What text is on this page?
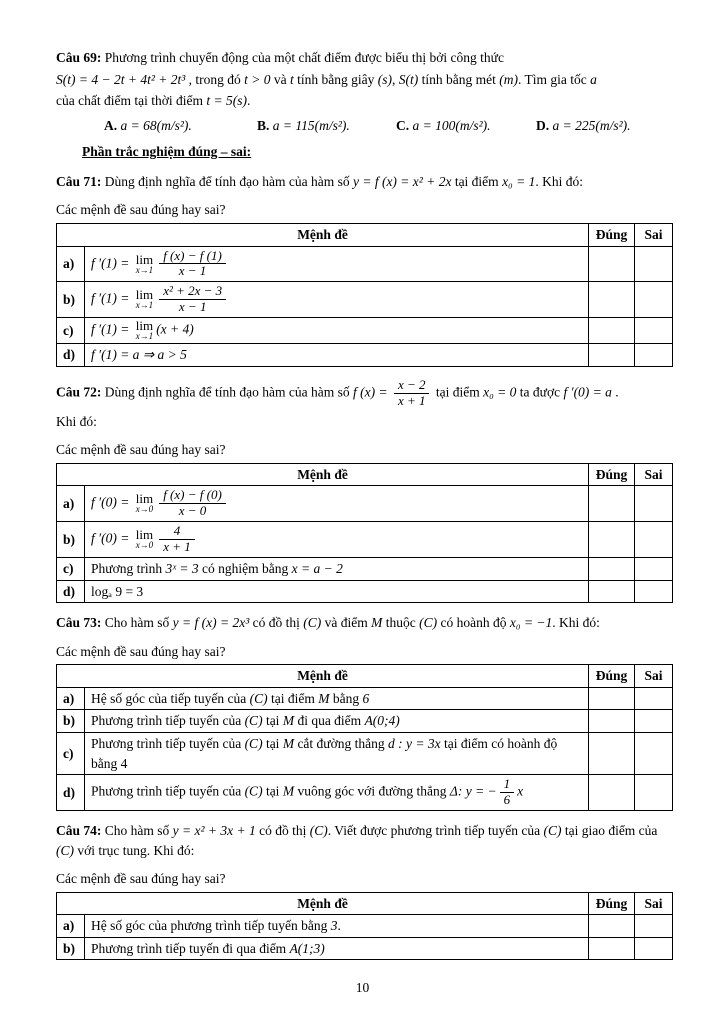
Câu 69: Phương trình chuyển động của một chất điểm được biểu thị bởi công thức

S(t) = 4 − 2t + 4t² + 2t³ , trong đó t > 0 và t tính bằng giây (s), S(t) tính bằng mét (m). Tìm gia tốc a

của chất điểm tại thời điểm t = 5(s).

A. a = 68(m/s²).	B. a = 115(m/s²).	C. a = 100(m/s²).	D. a = 225(m/s²).

Phần trắc nghiệm đúng – sai:

Câu 71: Dùng định nghĩa để tính đạo hàm của hàm số y = f (x) = x² + 2x tại điểm x₀ = 1. Khi đó:

Các mệnh đề sau đúng hay sai?

Mệnh đề		Đúng	Sai
a)	f ′(1) = lim
$x\to 1 \frac{f (x) - f (1)}{x - 1}$

b)	f ′(1) = lim
$x\to 1 \frac{\text{x² + 2x − 3}}{x - 1}$

c)	f ′(1) = lim
x→1 (x + 4)		
d)	f ′(1) = a ⇒ a > 5		

Câu 72: Dùng định nghĩa để tính đạo hàm của hàm số f $(x) = \frac{x - 2}{x + 1}$ tại điểm x₀ = 0 ta được f ′(0) = a .

Khi đó:

Các mệnh đề sau đúng hay sai?

Mệnh đề		Đúng	Sai
a)	f ′(0) = lim
$x\to 0 \frac{f (x) - f (0)}{x - 0}$

b)	f ′(0) = lim
$x\to 0 \frac{4}{x + 1}$

c)	Phương trình 3ˣ = 3 có nghiệm bằng x = a − 2		
d)	logₐ 9 = 3		

Câu 73: Cho hàm số y = f (x) = 2x³ có đồ thị (C) và điểm M thuộc (C) có hoành độ x₀ = −1. Khi đó:

Các mệnh đề sau đúng hay sai?

Mệnh đề		Đúng	Sai
a)	Hệ số góc của tiếp tuyến của (C) tại điểm M bằng 6		
b)	Phương trình tiếp tuyến của (C) tại M đi qua điểm A(0;4)		
c)	Phương trình tiếp tuyến của (C) tại M cắt đường thẳng d : y = 3x tại điểm có hoành độ bằng 4		
d)	Phương trình tiếp tuyến của (C) tại M vuông góc với đường thẳng Δ: y = − $\frac{1}{6}$ x		

Câu 74: Cho hàm số y = x² + 3x + 1 có đồ thị (C). Viết được phương trình tiếp tuyến của (C) tại giao điểm của (C) với trục tung. Khi đó:

Các mệnh đề sau đúng hay sai?

Mệnh đề		Đúng	Sai
a)	Hệ số góc của phương trình tiếp tuyến bằng 3.		
b)	Phương trình tiếp tuyến đi qua điểm A(1;3)		
10
